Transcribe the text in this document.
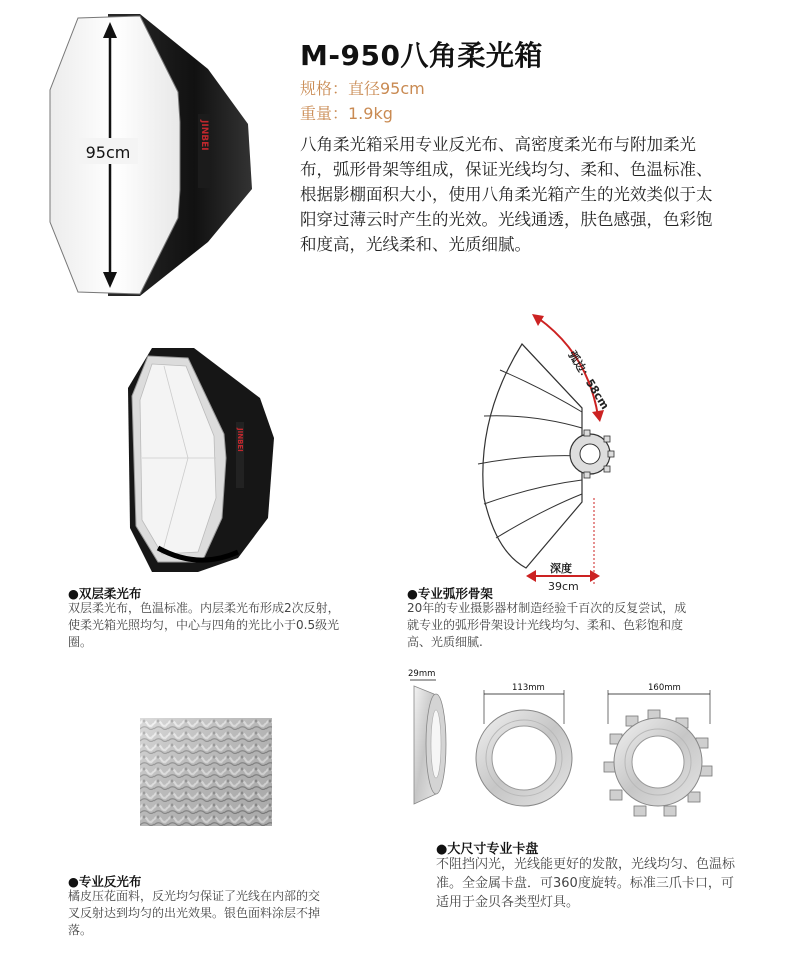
JINBEI
95cm
M-950八角柔光箱
规格：直径95cm
重量：1.9kg
八角柔光箱采用专业反光布、高密度柔光布与附加柔光布，弧形骨架等组成，保证光线均匀、柔和、色温标准、根据影棚面积大小，使用八角柔光箱产生的光效类似于太阳穿过薄云时产生的光效。光线通透，肤色感强，色彩饱和度高，光线柔和、光质细腻。
JINBEI
●双层柔光布
双层柔光布，色温标准。内层柔光布形成2次反射，使柔光箱光照均匀，中心与四角的光比小于0.5级光圈。
弧边：58cm
深度
39cm
●专业弧形骨架
20年的专业摄影器材制造经验千百次的反复尝试，成就专业的弧形骨架设计光线均匀、柔和、色彩饱和度高、光质细腻.
●专业反光布
橘皮压花面料，反光均匀保证了光线在内部的交叉反射达到均匀的出光效果。银色面料涂层不掉落。
29mm
113mm	160mm
●大尺寸专业卡盘
不阻挡闪光，光线能更好的发散，光线均匀、色温标准。全金属卡盘．可360度旋转。标准三爪卡口，可适用于金贝各类型灯具。
